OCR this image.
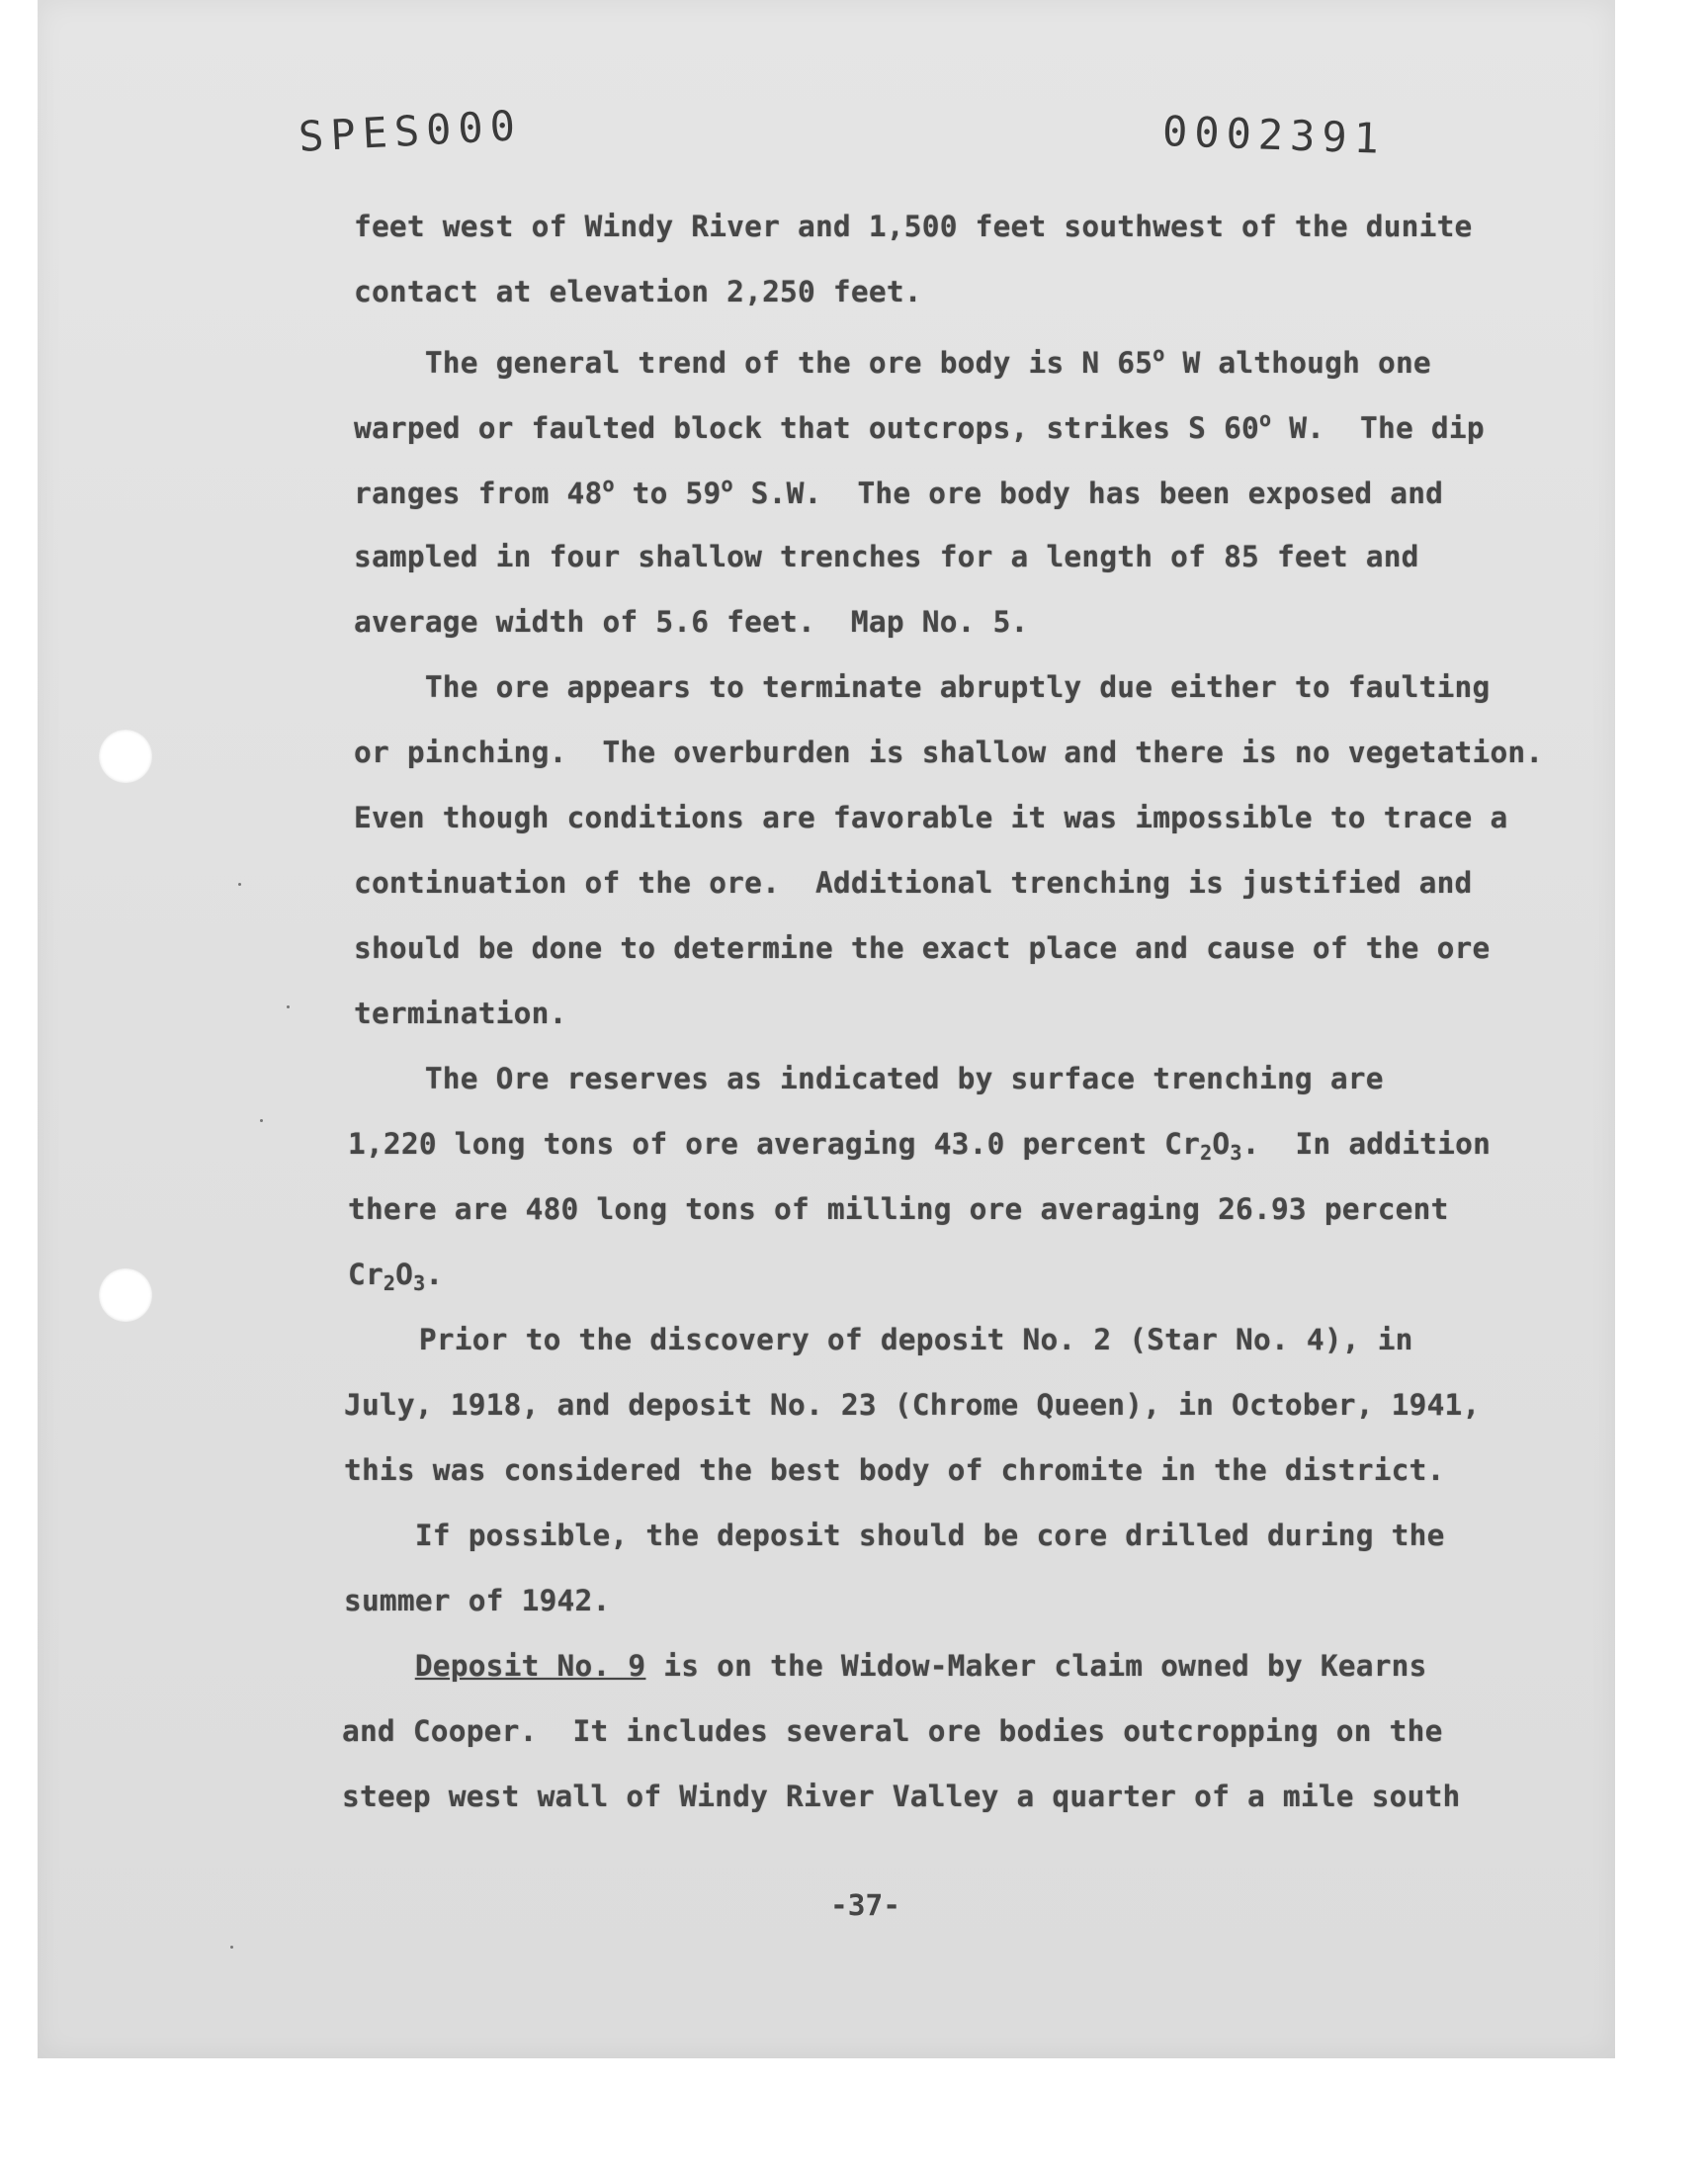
SPES000	0002391
feet west of Windy River and 1,500 feet southwest of the dunite
contact at elevation 2,250 feet.
The general trend of the ore body is N 65$^o$ W although one
warped or faulted block that outcrops, strikes S 60$^o$ W.  The dip
ranges from 48$^o$ to 59$^o$ S.W.  The ore body has been exposed and
sampled in four shallow trenches for a length of 85 feet and
average width of 5.6 feet.  Map No. 5.
The ore appears to terminate abruptly due either to faulting
or pinching.  The overburden is shallow and there is no vegetation.
Even though conditions are favorable it was impossible to trace a
continuation of the ore.  Additional trenching is justified and
should be done to determine the exact place and cause of the ore
termination.
The Ore reserves as indicated by surface trenching are
1,220 long tons of ore averaging 43.0 percent $Cr_2O_3$.  In addition
there are 480 long tons of milling ore averaging 26.93 percent
$Cr_2O_3$.
Prior to the discovery of deposit No. 2 (Star No. 4), in
July, 1918, and deposit No. 23 (Chrome Queen), in October, 1941,
this was considered the best body of chromite in the district.
If possible, the deposit should be core drilled during the
summer of 1942.
Deposit No. 9 is on the Widow-Maker claim owned by Kearns
and Cooper.  It includes several ore bodies outcropping on the
steep west wall of Windy River Valley a quarter of a mile south
-37-
